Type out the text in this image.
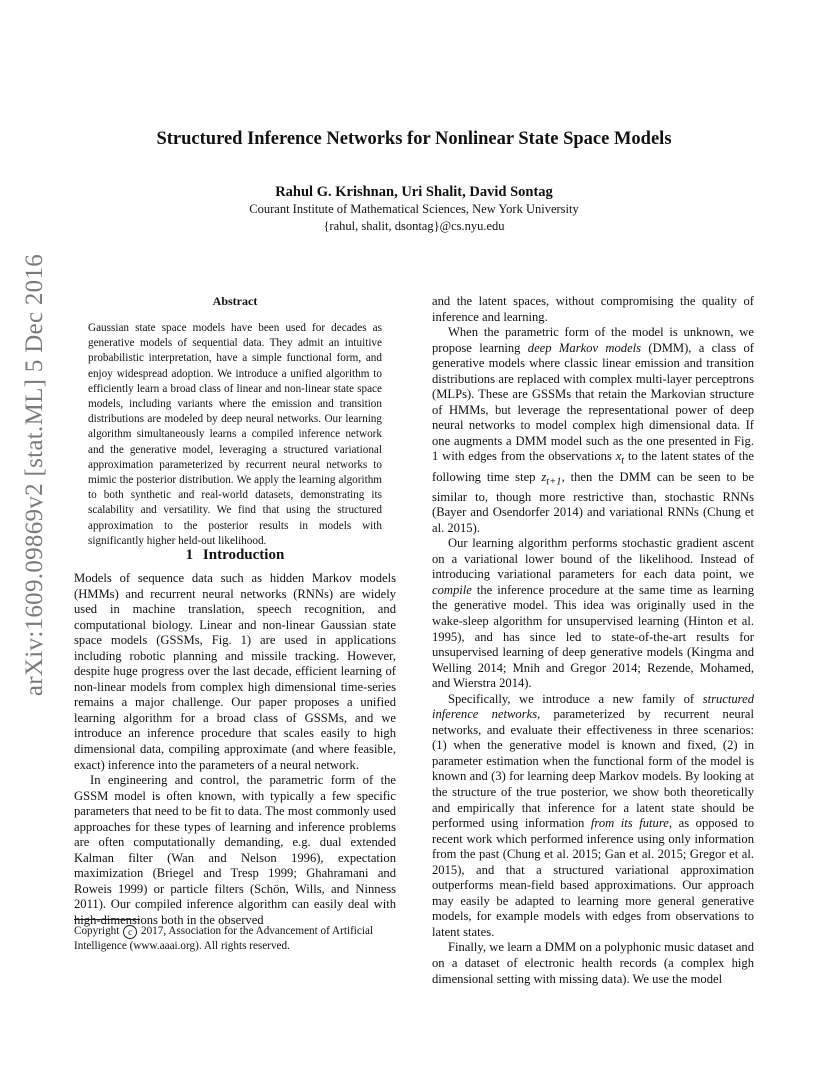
arXiv:1609.09869v2 [stat.ML] 5 Dec 2016
Structured Inference Networks for Nonlinear State Space Models
Rahul G. Krishnan, Uri Shalit, David Sontag
Courant Institute of Mathematical Sciences, New York University
{rahul, shalit, dsontag}@cs.nyu.edu
Abstract
Gaussian state space models have been used for decades as generative models of sequential data. They admit an intuitive probabilistic interpretation, have a simple functional form, and enjoy widespread adoption. We introduce a unified algorithm to efficiently learn a broad class of linear and non-linear state space models, including variants where the emission and transition distributions are modeled by deep neural networks. Our learning algorithm simultaneously learns a compiled inference network and the generative model, leveraging a structured variational approximation parameterized by recurrent neural networks to mimic the posterior distribution. We apply the learning algorithm to both synthetic and real-world datasets, demonstrating its scalability and versatility. We find that using the structured approximation to the posterior results in models with significantly higher held-out likelihood.
1 Introduction

Models of sequence data such as hidden Markov models (HMMs) and recurrent neural networks (RNNs) are widely used in machine translation, speech recognition, and computational biology. Linear and non-linear Gaussian state space models (GSSMs, Fig. 1) are used in applications including robotic planning and missile tracking. However, despite huge progress over the last decade, efficient learning of non-linear models from complex high dimensional time-series remains a major challenge. Our paper proposes a unified learning algorithm for a broad class of GSSMs, and we introduce an inference procedure that scales easily to high dimensional data, compiling approximate (and where feasible, exact) inference into the parameters of a neural network.

In engineering and control, the parametric form of the GSSM model is often known, with typically a few specific parameters that need to be fit to data. The most commonly used approaches for these types of learning and inference problems are often computationally demanding, e.g. dual extended Kalman filter (Wan and Nelson 1996), expectation maximization (Briegel and Tresp 1999; Ghahramani and Roweis 1999) or particle filters (Schön, Wills, and Ninness 2011). Our compiled inference algorithm can easily deal with high-dimensions both in the observed

Copyright c 2017, Association for the Advancement of Artificial Intelligence (www.aaai.org). All rights reserved.

and the latent spaces, without compromising the quality of inference and learning.

When the parametric form of the model is unknown, we propose learning deep Markov models (DMM), a class of generative models where classic linear emission and transition distributions are replaced with complex multi-layer perceptrons (MLPs). These are GSSMs that retain the Markovian structure of HMMs, but leverage the representational power of deep neural networks to model complex high dimensional data. If one augments a DMM model such as the one presented in Fig. 1 with edges from the observations $x_t$ to the latent states of the following time step $z_{t+1}$, then the DMM can be seen to be similar to, though more restrictive than, stochastic RNNs (Bayer and Osendorfer 2014) and variational RNNs (Chung et al. 2015).

Our learning algorithm performs stochastic gradient ascent on a variational lower bound of the likelihood. Instead of introducing variational parameters for each data point, we compile the inference procedure at the same time as learning the generative model. This idea was originally used in the wake-sleep algorithm for unsupervised learning (Hinton et al. 1995), and has since led to state-of-the-art results for unsupervised learning of deep generative models (Kingma and Welling 2014; Mnih and Gregor 2014; Rezende, Mohamed, and Wierstra 2014).

Specifically, we introduce a new family of structured inference networks, parameterized by recurrent neural networks, and evaluate their effectiveness in three scenarios: (1) when the generative model is known and fixed, (2) in parameter estimation when the functional form of the model is known and (3) for learning deep Markov models. By looking at the structure of the true posterior, we show both theoretically and empirically that inference for a latent state should be performed using information from its future, as opposed to recent work which performed inference using only information from the past (Chung et al. 2015; Gan et al. 2015; Gregor et al. 2015), and that a structured variational approximation outperforms mean-field based approximations. Our approach may easily be adapted to learning more general generative models, for example models with edges from observations to latent states.

Finally, we learn a DMM on a polyphonic music dataset and on a dataset of electronic health records (a complex high dimensional setting with missing data). We use the model
